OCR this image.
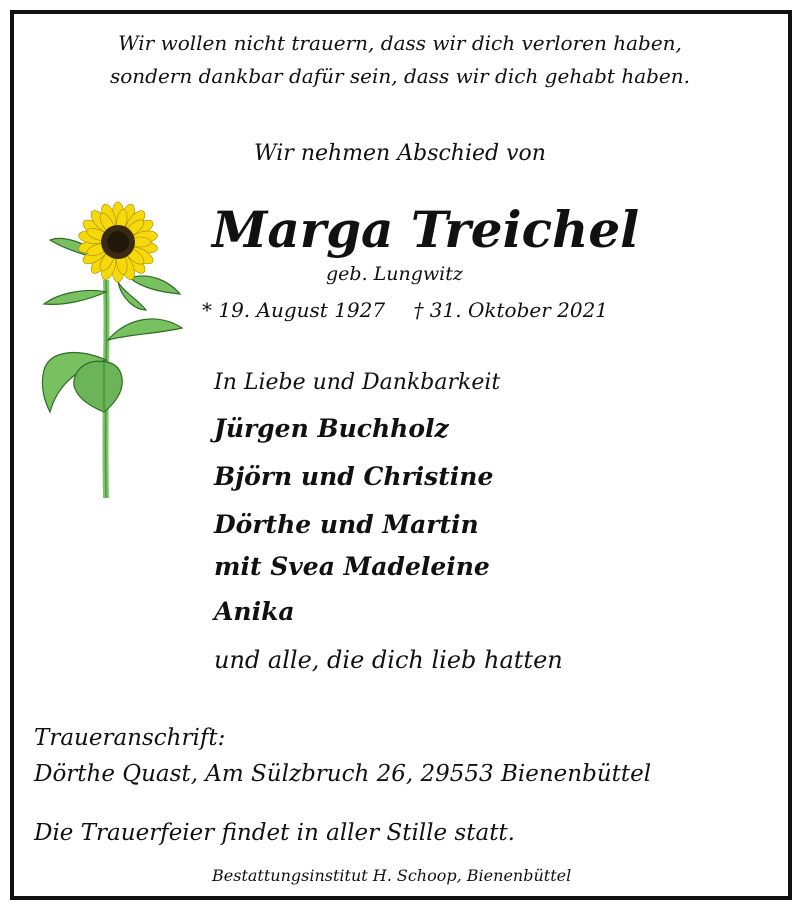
Wir wollen nicht trauern, dass wir dich verloren haben,
sondern dankbar dafür sein, dass wir dich gehabt haben.
Wir nehmen Abschied von
Marga Treichel
geb. Lungwitz
* 19. August 1927 † 31. Oktober 2021
In Liebe und Dankbarkeit
Jürgen Buchholz
Björn und Christine
Dörthe und Martin
mit Svea Madeleine
Anika
und alle, die dich lieb hatten
Traueranschrift:
Dörthe Quast, Am Sülzbruch 26, 29553 Bienenbüttel
Die Trauerfeier findet in aller Stille statt.
Bestattungsinstitut H. Schoop, Bienenbüttel
